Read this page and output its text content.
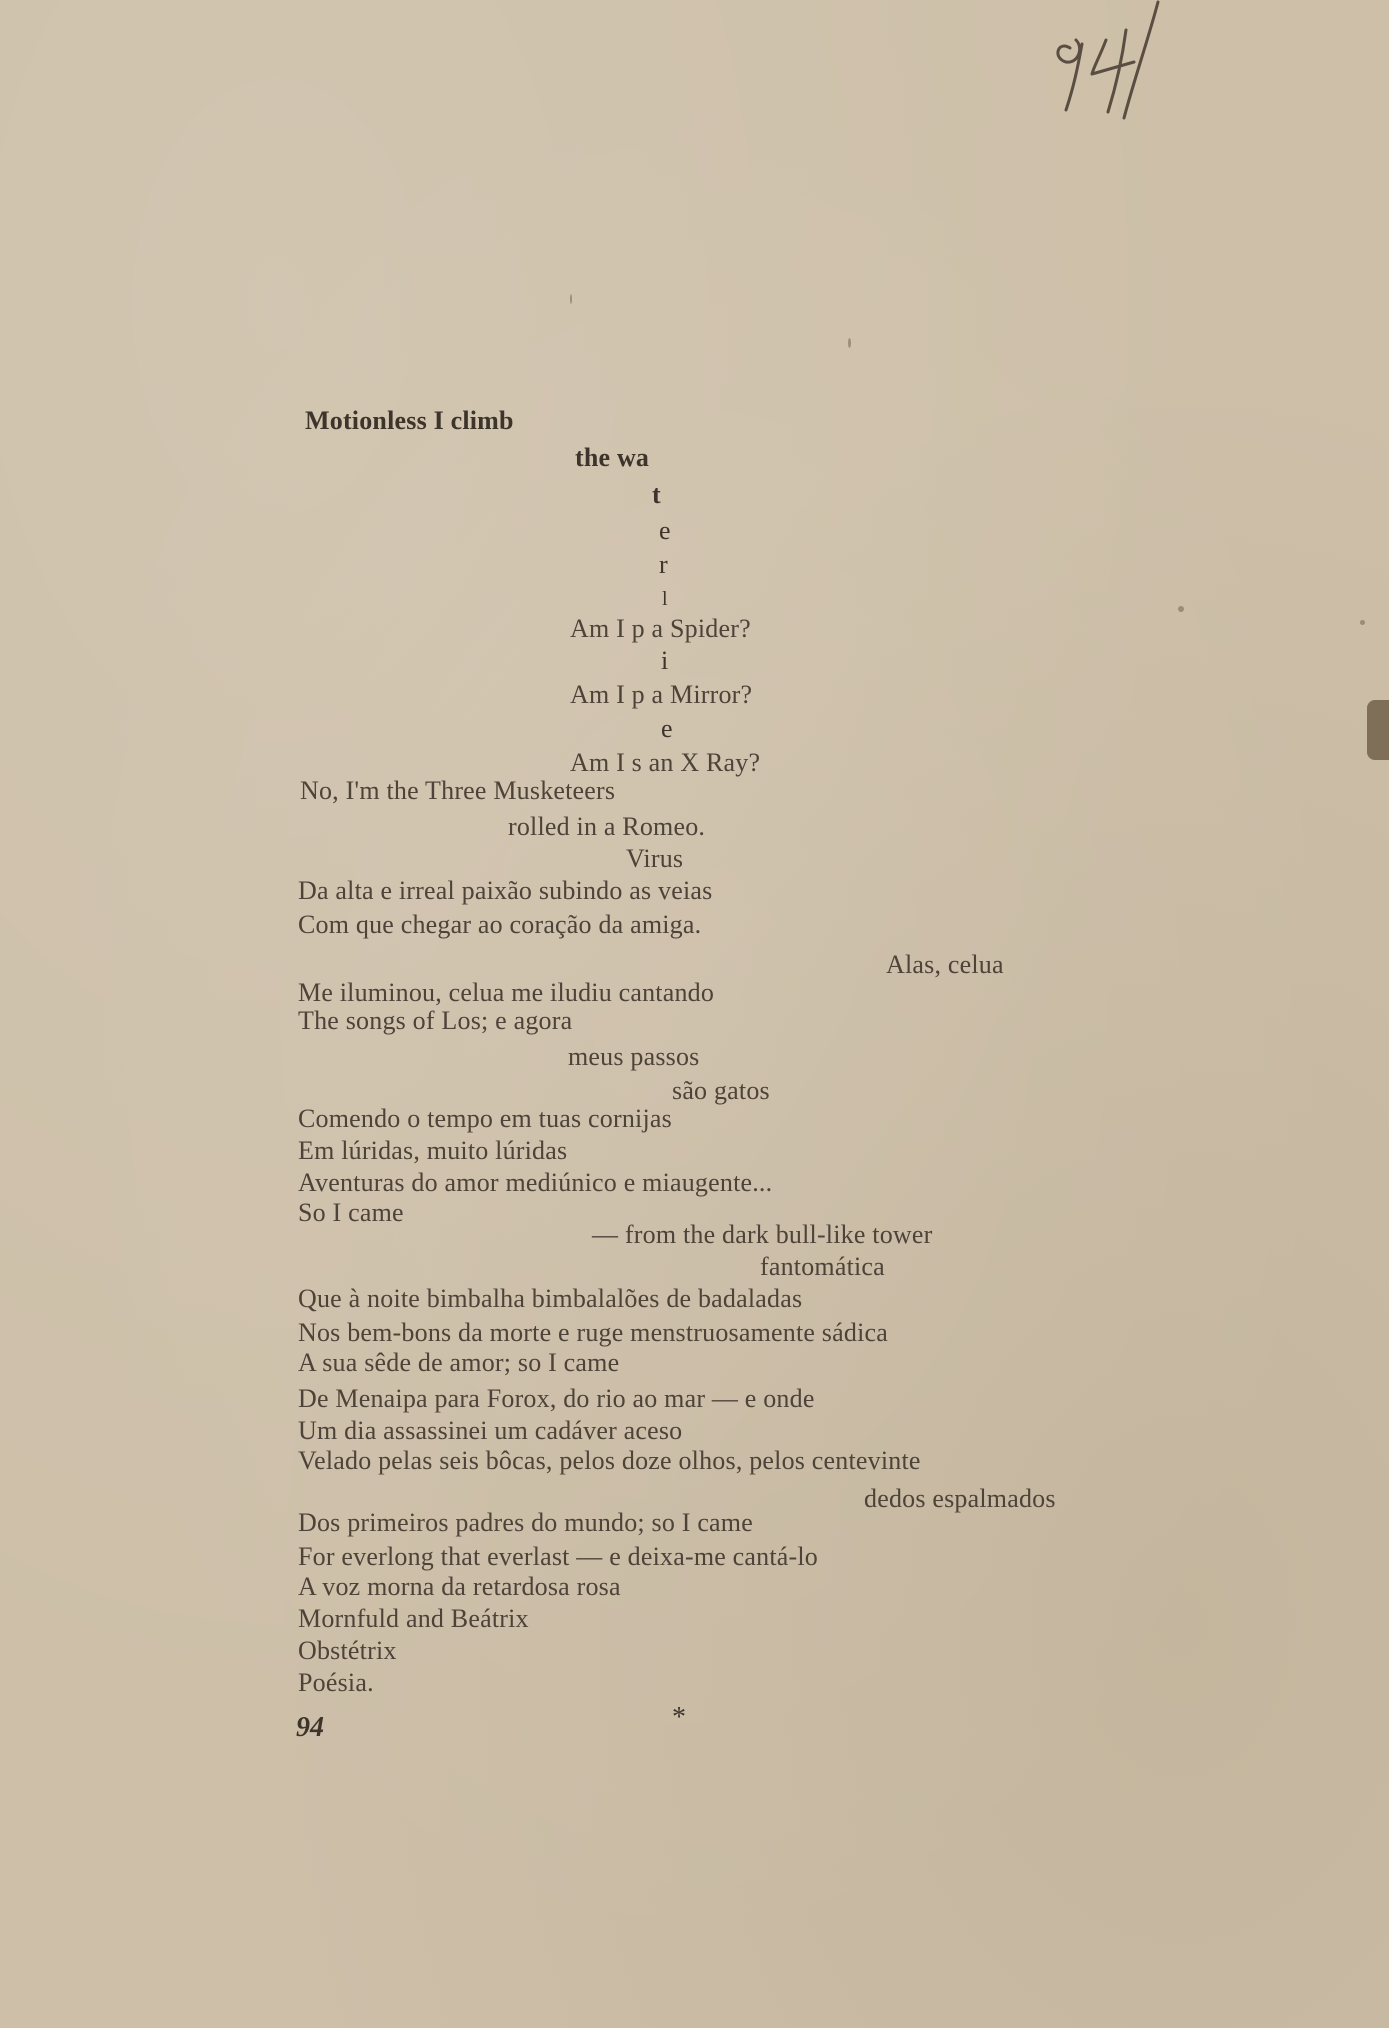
Motionless I climb
the wa
t
e
r
l
Am I p a Spider?
i
Am I p a Mirror?
e
Am I s an X Ray?
No, I'm the Three Musketeers
rolled in a Romeo.
Virus
Da alta e irreal paixão subindo as veias
Com que chegar ao coração da amiga.
Alas, celua
Me iluminou, celua me iludiu cantando
The songs of Los; e agora
meus passos
são gatos
Comendo o tempo em tuas cornijas
Em lúridas, muito lúridas
Aventuras do amor mediúnico e miaugente...
So I came
— from the dark bull-like tower
fantomática
Que à noite bimbalha bimbalalões de badaladas
Nos bem-bons da morte e ruge menstruosamente sádica
A sua sêde de amor; so I came
De Menaipa para Forox, do rio ao mar — e onde
Um dia assassinei um cadáver aceso
Velado pelas seis bôcas, pelos doze olhos, pelos centevinte
dedos espalmados
Dos primeiros padres do mundo; so I came
For everlong that everlast — e deixa-me cantá-lo
A voz morna da retardosa rosa
Mornfuld and Beátrix
Obstétrix
Poésia.
94	*
